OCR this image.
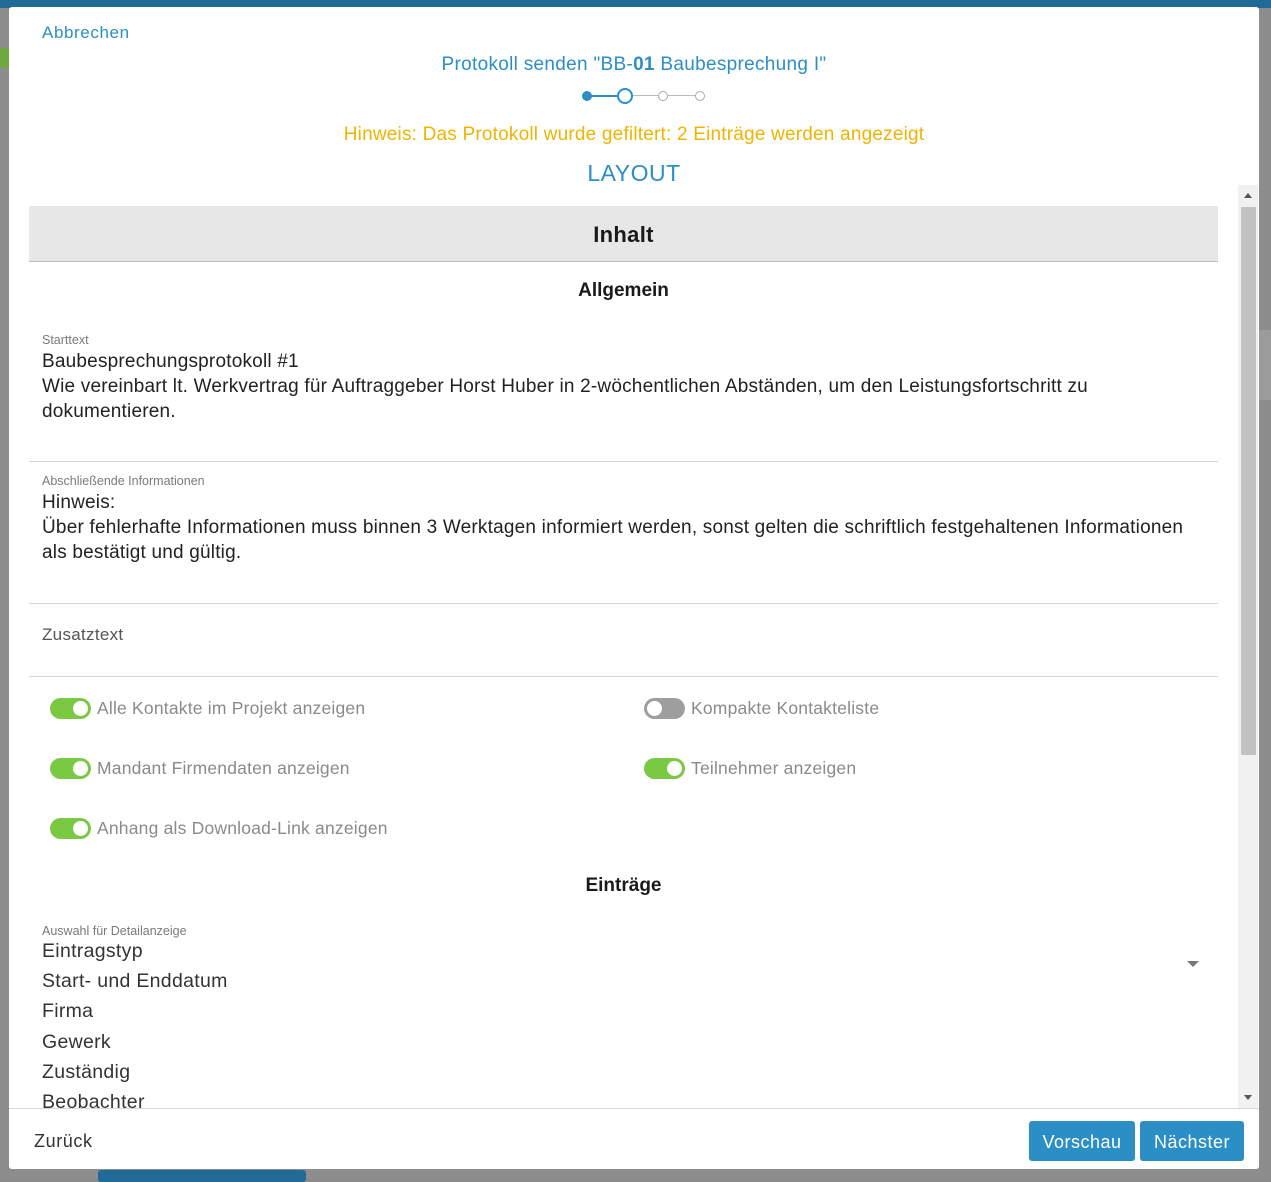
Abbrechen
Protokoll senden "BB-01 Baubesprechung I"
Hinweis: Das Protokoll wurde gefiltert: 2 Einträge werden angezeigt
LAYOUT
Inhalt
Allgemein
Starttext
Baubesprechungsprotokoll #1
Wie vereinbart lt. Werkvertrag für Auftraggeber Horst Huber in 2-wöchentlichen Abständen, um den Leistungsfortschritt zu dokumentieren.
Abschließende Informationen
Hinweis:
Über fehlerhafte Informationen muss binnen 3 Werktagen informiert werden, sonst gelten die schriftlich festgehaltenen Informationen als bestätigt und gültig.
Zusatztext
Alle Kontakte im Projekt anzeigen	Kompakte Kontakteliste
Mandant Firmendaten anzeigen	Teilnehmer anzeigen
Anhang als Download-Link anzeigen
Einträge
Auswahl für Detailanzeige
Eintragstyp
Start- und Enddatum
Firma
Gewerk
Zuständig
Beobachter
Zurück	Vorschau	Nächster
